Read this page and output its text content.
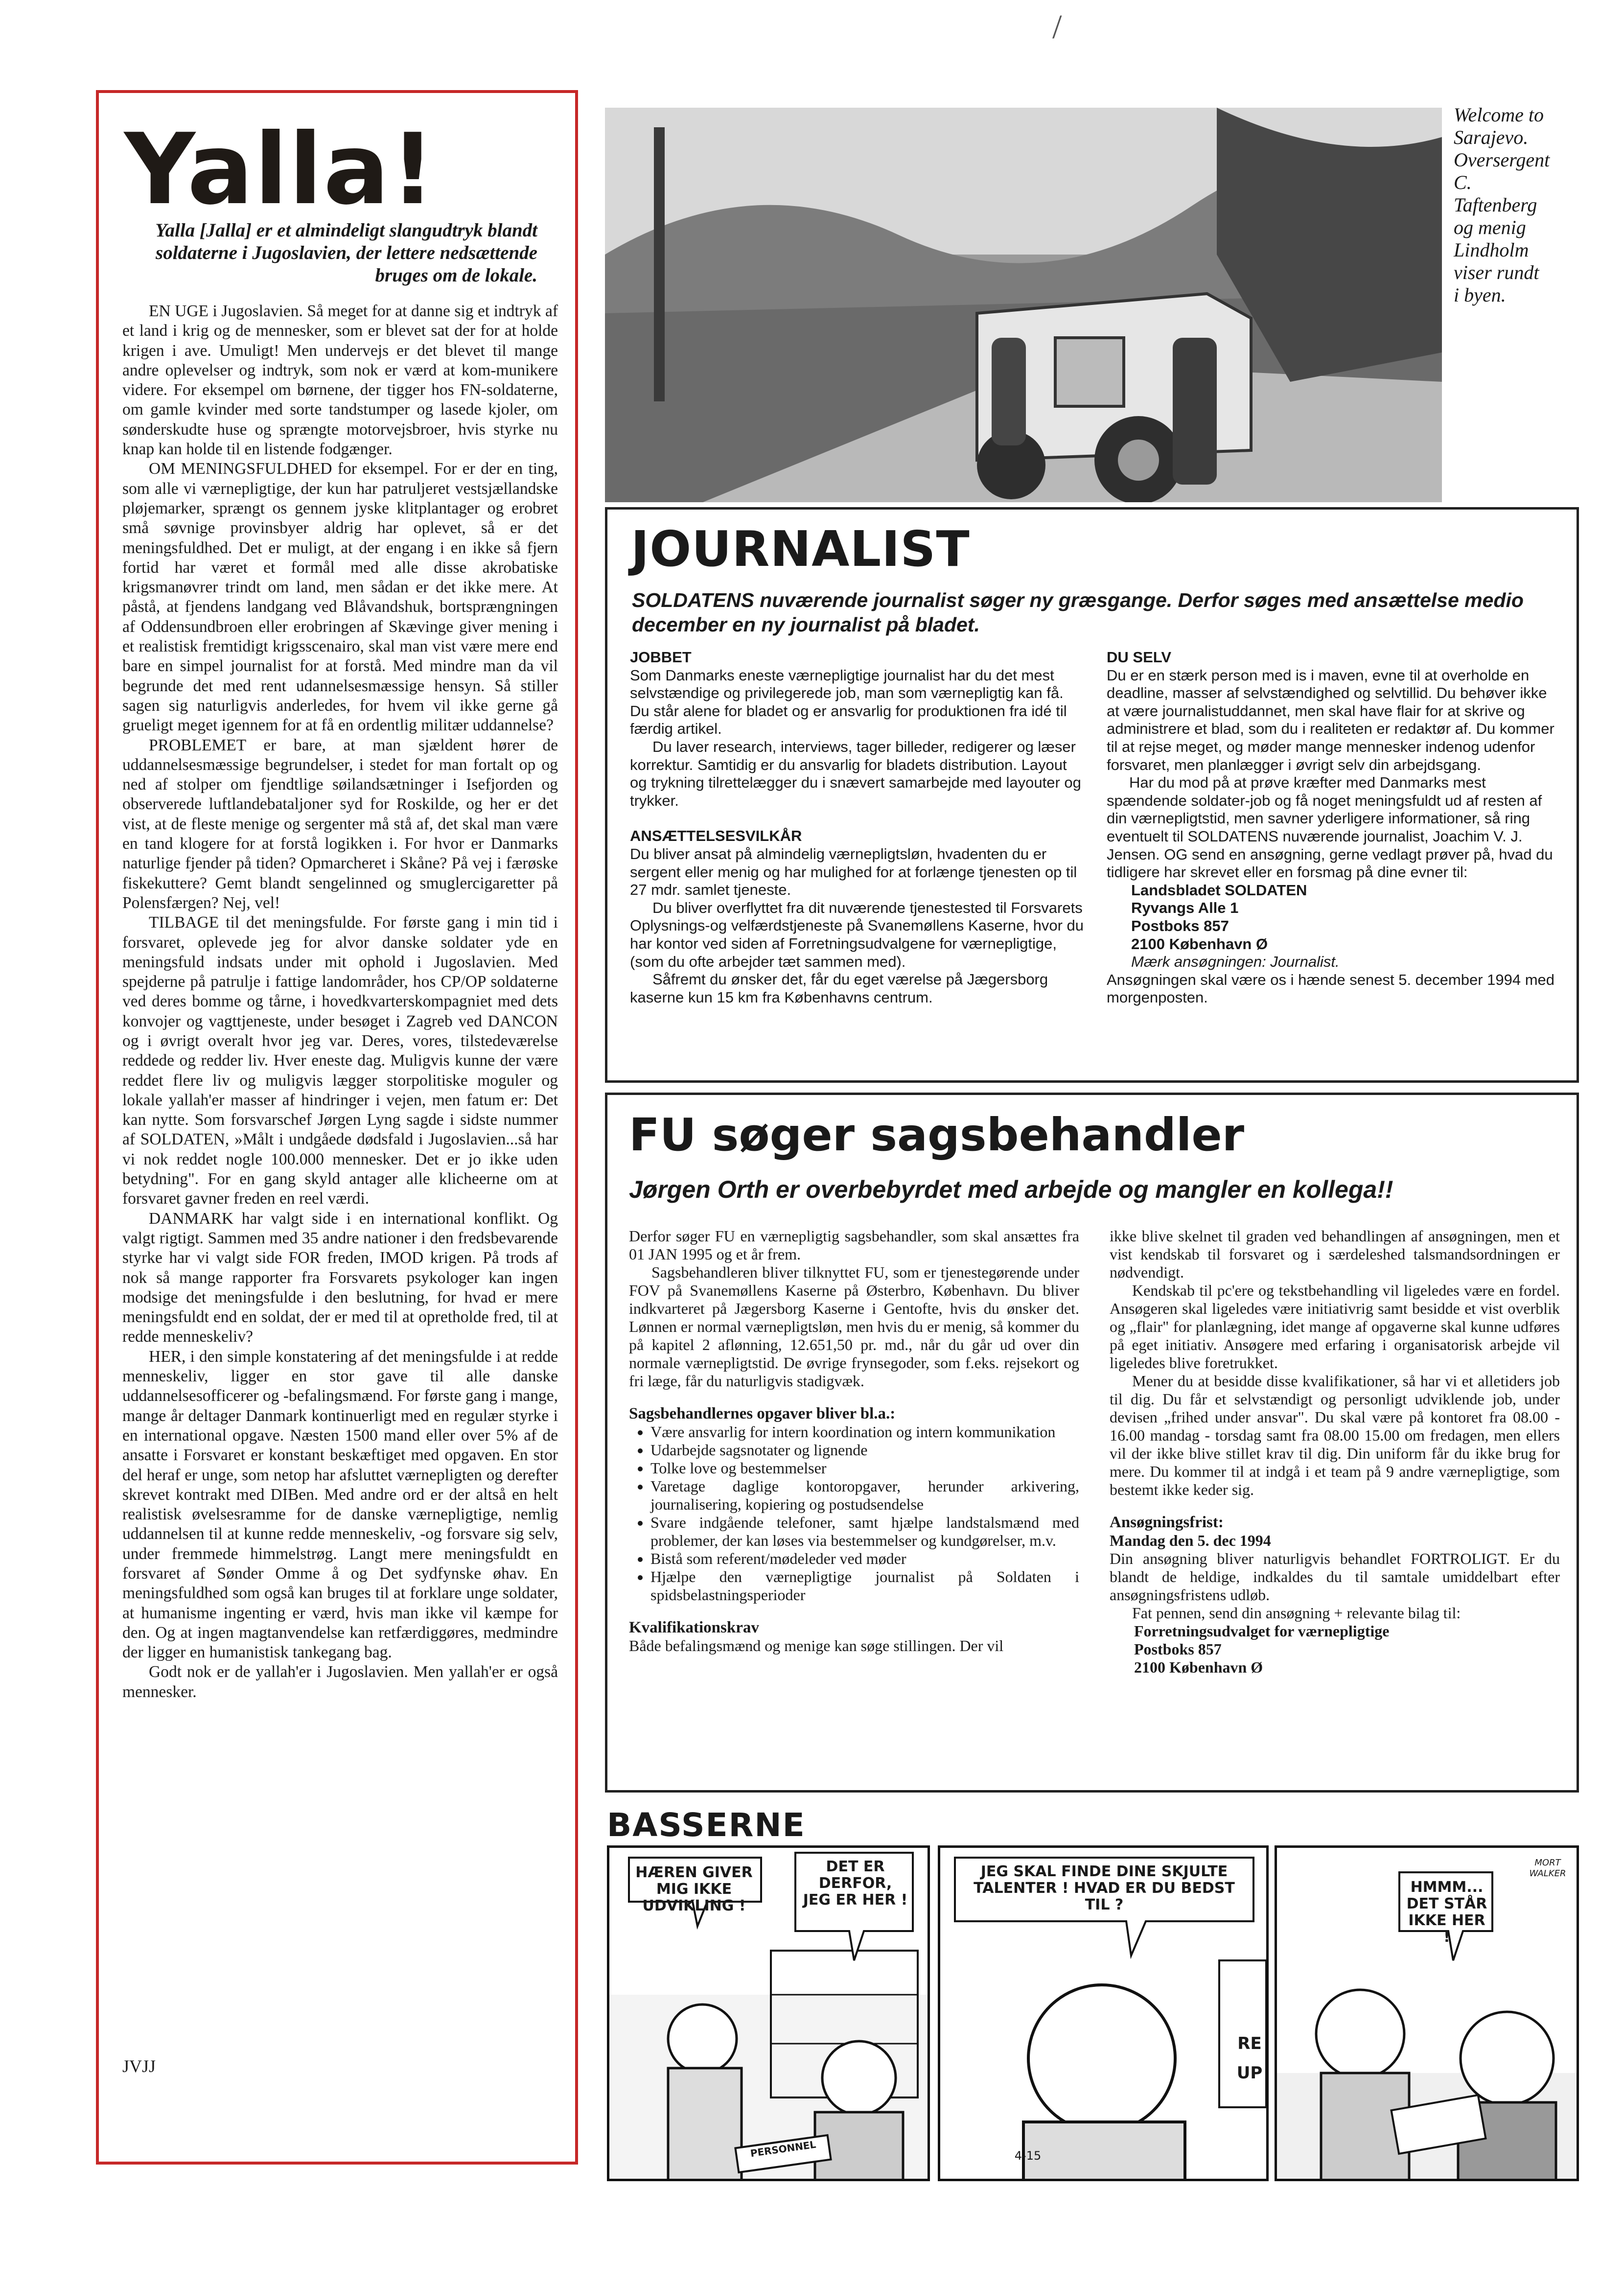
/
Yalla!
Yalla [Jalla] er et almindeligt slangudtryk blandt soldaterne i Jugoslavien, der lettere nedsættende bruges om de lokale.

EN UGE i Jugoslavien. Så meget for at danne sig et indtryk af et land i krig og de mennesker, som er blevet sat der for at holde krigen i ave. Umuligt! Men undervejs er det blevet til mange andre oplevelser og indtryk, som nok er værd at kom-munikere videre. For eksempel om børnene, der tigger hos FN-soldaterne, om gamle kvinder med sorte tandstumper og lasede kjoler, om sønderskudte huse og sprængte motorvejsbroer, hvis styrke nu knap kan holde til en listende fodgænger.

OM MENINGSFULDHED for eksempel. For er der en ting, som alle vi værnepligtige, der kun har patruljeret vestsjællandske pløjemarker, sprængt os gennem jyske klitplantager og erobret små søvnige provinsbyer aldrig har oplevet, så er det meningsfuldhed. Det er muligt, at der engang i en ikke så fjern fortid har været et formål med alle disse akrobatiske krigsmanøvrer trindt om land, men sådan er det ikke mere. At påstå, at fjendens landgang ved Blåvandshuk, bortsprængningen af Oddensundbroen eller erobringen af Skævinge giver mening i et realistisk fremtidigt krigsscenairo, skal man vist være mere end bare en simpel journalist for at forstå. Med mindre man da vil begrunde det med rent udannelsesmæssige hensyn. Så stiller sagen sig naturligvis anderledes, for hvem vil ikke gerne gå grueligt meget igennem for at få en ordentlig militær uddannelse?

PROBLEMET er bare, at man sjældent hører de uddannelsesmæssige begrundelser, i stedet for man fortalt op og ned af stolper om fjendtlige søilandsætninger i Isefjorden og observerede luftlandebataljoner syd for Roskilde, og her er det vist, at de fleste menige og sergenter må stå af, det skal man være en tand klogere for at forstå logikken i. For hvor er Danmarks naturlige fjender på tiden? Opmarcheret i Skåne? På vej i færøske fiskekuttere? Gemt blandt sengelinned og smuglercigaretter på Polensfærgen? Nej, vel!

TILBAGE til det meningsfulde. For første gang i min tid i forsvaret, oplevede jeg for alvor danske soldater yde en meningsfuld indsats under mit ophold i Jugoslavien. Med spejderne på patrulje i fattige landområder, hos CP/OP soldaterne ved deres bomme og tårne, i hovedkvarterskompagniet med dets konvojer og vagttjeneste, under besøget i Zagreb ved DANCON og i øvrigt overalt hvor jeg var. Deres, vores, tilstedeværelse reddede og redder liv. Hver eneste dag. Muligvis kunne der være reddet flere liv og muligvis lægger storpolitiske moguler og lokale yallah'er masser af hindringer i vejen, men fatum er: Det kan nytte. Som forsvarschef Jørgen Lyng sagde i sidste nummer af SOLDATEN, »Målt i undgåede dødsfald i Jugoslavien...så har vi nok reddet nogle 100.000 mennesker. Det er jo ikke uden betydning". For en gang skyld antager alle klicheerne om at forsvaret gavner freden en reel værdi.

DANMARK har valgt side i en international konflikt. Og valgt rigtigt. Sammen med 35 andre nationer i den fredsbevarende styrke har vi valgt side FOR freden, IMOD krigen. På trods af nok så mange rapporter fra Forsvarets psykologer kan ingen modsige det meningsfulde i den beslutning, for hvad er mere meningsfuldt end en soldat, der er med til at opretholde fred, til at redde menneskeliv?

HER, i den simple konstatering af det meningsfulde i at redde menneskeliv, ligger en stor gave til alle danske uddannelsesofficerer og -befalingsmænd. For første gang i mange, mange år deltager Danmark kontinuerligt med en regulær styrke i en international opgave. Næsten 1500 mand eller over 5% af de ansatte i Forsvaret er konstant beskæftiget med opgaven. En stor del heraf er unge, som netop har afsluttet værnepligten og derefter skrevet kontrakt med DIBen. Med andre ord er der altså en helt realistisk øvelsesramme for de danske værnepligtige, nemlig uddannelsen til at kunne redde menneskeliv, -og forsvare sig selv, under fremmede himmelstrøg. Langt mere meningsfuldt en forsvaret af Sønder Omme å og Det sydfynske øhav. En meningsfuldhed som også kan bruges til at forklare unge soldater, at humanisme ingenting er værd, hvis man ikke vil kæmpe for den. Og at ingen magtanvendelse kan retfærdiggøres, medmindre der ligger en humanistisk tankegang bag.

Godt nok er de yallah'er i Jugoslavien. Men yallah'er er også mennesker.

JVJJ
Welcome to Sarajevo. Oversergent C. Taftenberg og menig Lindholm viser rundt i byen.
JOURNALIST
SOLDATENS nuværende journalist søger ny græsgange. Derfor søges med ansættelse medio december en ny journalist på bladet.
JOBBET

Som Danmarks eneste værnepligtige journalist har du det mest selvstændige og privilegerede job, man som værnepligtig kan få. Du står alene for bladet og er ansvarlig for produktionen fra idé til færdig artikel.

Du laver research, interviews, tager billeder, redigerer og læser korrektur. Samtidig er du ansvarlig for bladets distribution. Layout og trykning tilrettelægger du i snævert samarbejde med layouter og trykker.

ANSÆTTELSESVILKÅR

Du bliver ansat på almindelig værnepligtsløn, hvadenten du er sergent eller menig og har mulighed for at forlænge tjenesten op til 27 mdr. samlet tjeneste.

Du bliver overflyttet fra dit nuværende tjenestested til Forsvarets Oplysnings-og velfærdstjeneste på Svanemøllens Kaserne, hvor du har kontor ved siden af Forretningsudvalgene for værnepligtige, (som du ofte arbejder tæt sammen med).

Såfremt du ønsker det, får du eget værelse på Jægersborg kaserne kun 15 km fra Københavns centrum.

DU SELV

Du er en stærk person med is i maven, evne til at overholde en deadline, masser af selvstændighed og selvtillid. Du behøver ikke at være journalistuddannet, men skal have flair for at skrive og administrere et blad, som du i realiteten er redaktør af. Du kommer til at rejse meget, og møder mange mennesker indenog udenfor forsvaret, men planlægger i øvrigt selv din arbejdsgang.

Har du mod på at prøve kræfter med Danmarks mest spændende soldater-job og få noget meningsfuldt ud af resten af din værnepligtstid, men savner yderligere informationer, så ring eventuelt til SOLDATENS nuværende journalist, Joachim V. J. Jensen. OG send en ansøgning, gerne vedlagt prøver på, hvad du tidligere har skrevet eller en forsmag på dine evner til:

Landsbladet SOLDATEN

Ryvangs Alle 1

Postboks 857

2100 København Ø

Mærk ansøgningen: Journalist.

Ansøgningen skal være os i hænde senest 5. december 1994 med morgenposten.

FU søger sagsbehandler
Jørgen Orth er overbebyrdet med arbejde og mangler en kollega!!

Derfor søger FU en værnepligtig sagsbehandler, som skal ansættes fra 01 JAN 1995 og et år frem.

Sagsbehandleren bliver tilknyttet FU, som er tjenestegørende under FOV på Svanemøllens Kaserne på Østerbro, København. Du bliver indkvarteret på Jægersborg Kaserne i Gentofte, hvis du ønsker det. Lønnen er normal værnepligtsløn, men hvis du er menig, så kommer du på kapitel 2 aflønning, 12.651,50 pr. md., når du går ud over din normale værnepligtstid. De øvrige frynsegoder, som f.eks. rejsekort og fri læge, får du naturligvis stadigvæk.

Sagsbehandlernes opgaver bliver bl.a.:
• Være ansvarlig for intern koordination og intern kommunikation
• Udarbejde sagsnotater og lignende
• Tolke love og bestemmelser
• Varetage daglige kontoropgaver, herunder arkivering, journalisering, kopiering og postudsendelse
• Svare indgående telefoner, samt hjælpe landstalsmænd med problemer, der kan løses via bestemmelser og kundgørelser, m.v.
• Bistå som referent/mødeleder ved møder
• Hjælpe den værnepligtige journalist på Soldaten i spidsbelastningsperioder
Kvalifikationskrav

Både befalingsmænd og menige kan søge stillingen. Der vil

ikke blive skelnet til graden ved behandlingen af ansøgningen, men et vist kendskab til forsvaret og i særdeleshed talsmandsordningen er nødvendigt.

Kendskab til pc'ere og tekstbehandling vil ligeledes være en fordel. Ansøgeren skal ligeledes være initiativrig samt besidde et vist overblik og „flair" for planlægning, idet mange af opgaverne skal kunne udføres på eget initiativ. Ansøgere med erfaring i organisatorisk arbejde vil ligeledes blive foretrukket.

Mener du at besidde disse kvalifikationer, så har vi et alletiders job til dig. Du får et selvstændigt og personligt udviklende job, under devisen „frihed under ansvar". Du skal være på kontoret fra 08.00 - 16.00 mandag - torsdag samt fra 08.00 15.00 om fredagen, men ellers vil der ikke blive stillet krav til dig. Din uniform får du ikke brug for mere. Du kommer til at indgå i et team på 9 andre værnepligtige, som bestemt ikke keder sig.

Ansøgningsfrist:

Mandag den 5. dec 1994

Din ansøgning bliver naturligvis behandlet FORTROLIGT. Er du blandt de heldige, indkaldes du til samtale umiddelbart efter ansøgningsfristens udløb.

Fat pennen, send din ansøgning + relevante bilag til:

Forretningsudvalget for værnepligtige

Postboks 857

2100 København Ø

BASSERNE
HÆREN GIVER MIG IKKE UDVIKLING !
DET ER DERFOR, JEG ER HER !
PERSONNEL
JEG SKAL FINDE DINE SKJULTE TALENTER ! HVAD ER DU BEDST TIL ?
RE UP
4-15
HMMM... DET STÅR IKKE HER !
MORT WALKER
